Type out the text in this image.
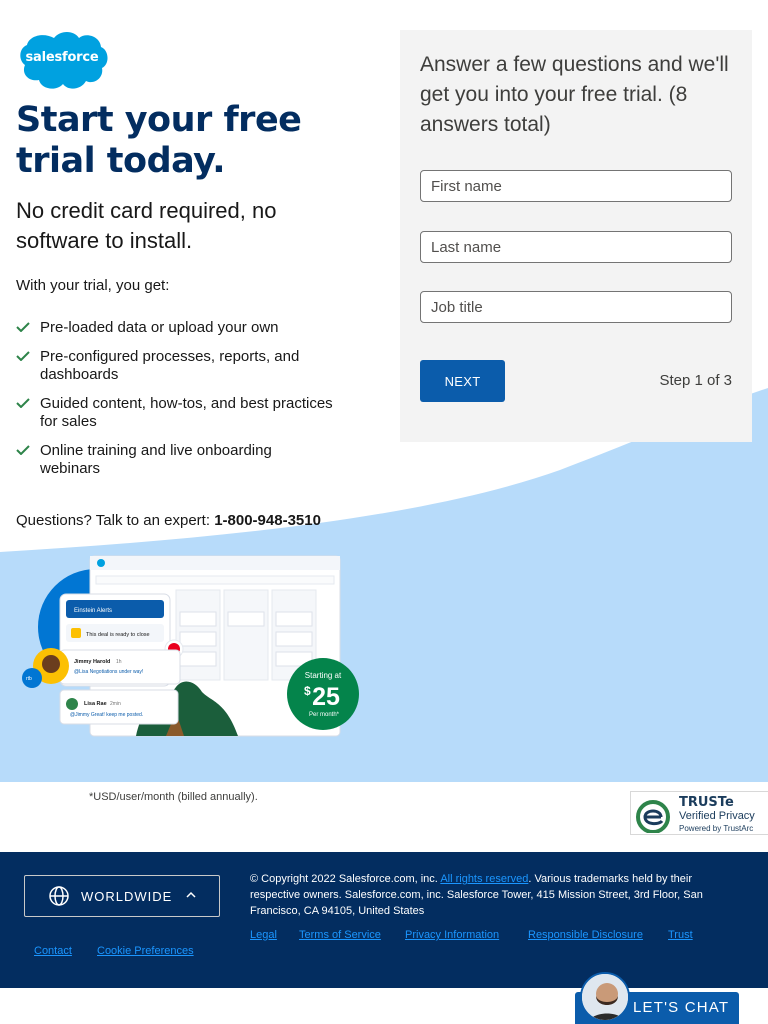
salesforce
Start your free trial today.

No credit card required, no software to install.

With your trial, you get:

Pre-loaded data or upload your own
Pre-configured processes, reports, and dashboards
Guided content, how-tos, and best practices for sales
Online training and live onboarding webinars

Questions? Talk to an expert: 1-800-948-3510

Einstein Alerts
This deal is ready to close
Jimmy Harold 1h
@Lisa Negotiations under way!
rtb
Lisa Rae 2min
@Jimmy Great! keep me posted.
Starting at
$ 25
Per month*

*USD/user/month (billed annually).	TRUSTe
Verified Privacy
Powered by TrustArc

Answer a few questions and we'll get you into your free trial. (8 answers total)

First name
Last name
Job title
NEXT	Step 1 of 3
WORLDWIDE
Contact Cookie Preferences

© Copyright 2022 Salesforce.com, inc. All rights reserved. Various trademarks held by their respective owners. Salesforce.com, inc. Salesforce Tower, 415 Mission Street, 3rd Floor, San Francisco, CA 94105, United States

Legal Terms of Service Privacy Information	Responsible Disclosure Trust
LET'S CHAT
